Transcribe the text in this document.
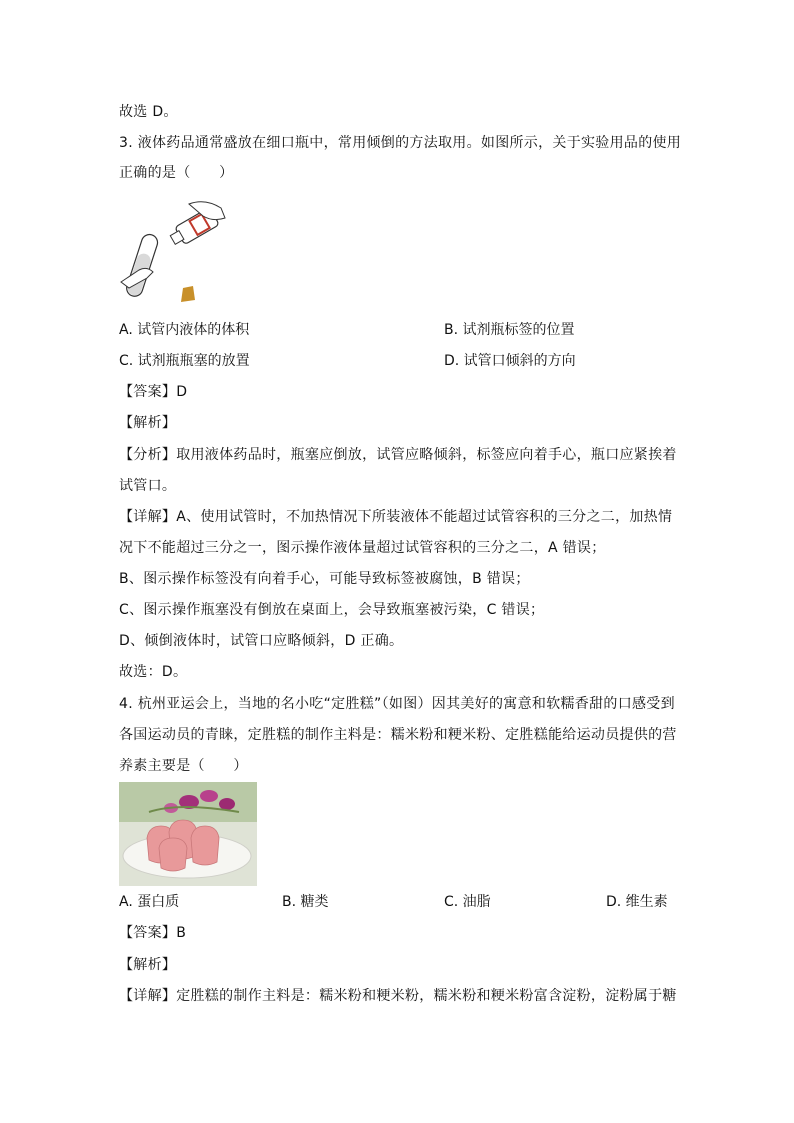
故选 D。
3. 液体药品通常盛放在细口瓶中，常用倾倒的方法取用。如图所示，关于实验用品的使用
正确的是（　　）
A. 试管内液体的体积	B. 试剂瓶标签的位置
C. 试剂瓶瓶塞的放置	D. 试管口倾斜的方向
【答案】D
【解析】
【分析】取用液体药品时，瓶塞应倒放，试管应略倾斜，标签应向着手心，瓶口应紧挨着
试管口。
【详解】A、使用试管时，不加热情况下所装液体不能超过试管容积的三分之二，加热情
况下不能超过三分之一，图示操作液体量超过试管容积的三分之二，A 错误；
B、图示操作标签没有向着手心，可能导致标签被腐蚀，B 错误；
C、图示操作瓶塞没有倒放在桌面上，会导致瓶塞被污染，C 错误；
D、倾倒液体时，试管口应略倾斜，D 正确。
故选：D。
4. 杭州亚运会上，当地的名小吃“定胜糕”（如图）因其美好的寓意和软糯香甜的口感受到
各国运动员的青睐，定胜糕的制作主料是：糯米粉和粳米粉、定胜糕能给运动员提供的营
养素主要是（　　）
A. 蛋白质	B. 糖类	C. 油脂	D. 维生素
【答案】B
【解析】
【详解】定胜糕的制作主料是：糯米粉和粳米粉，糯米粉和粳米粉富含淀粉，淀粉属于糖
